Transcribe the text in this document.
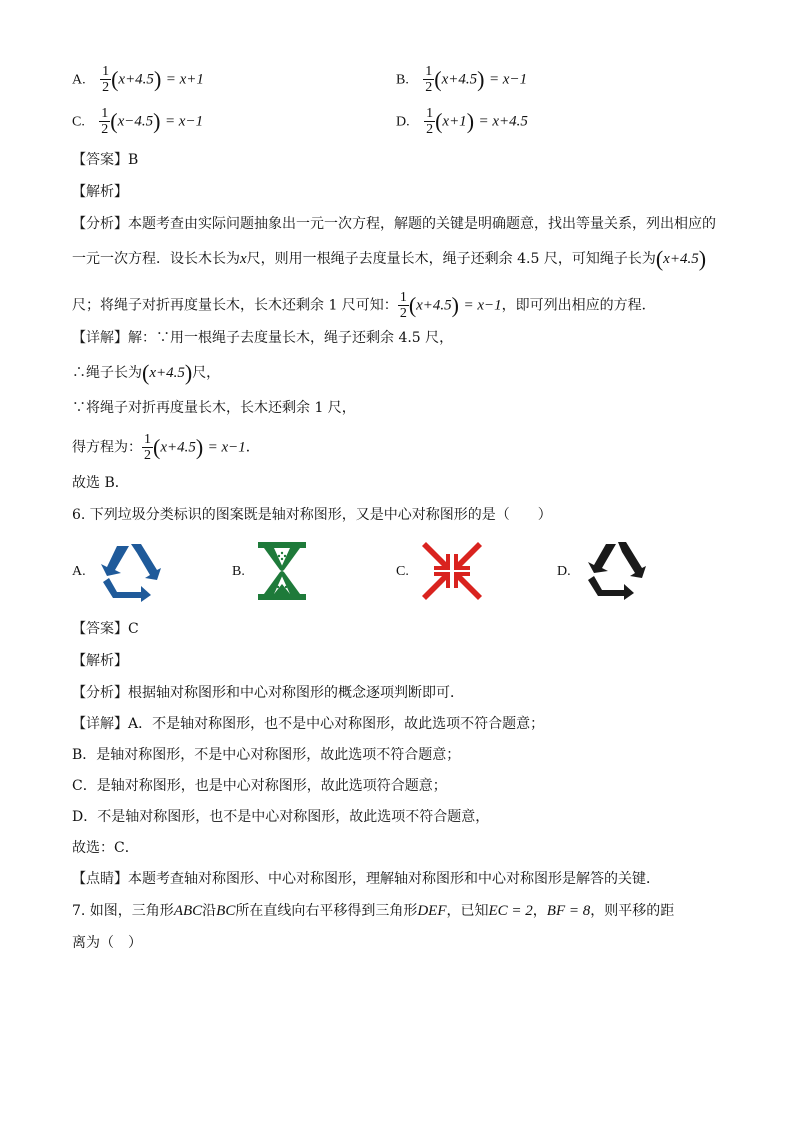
A. $\frac{1}{2} (x+4.5) = x+1$	B. $\frac{1}{2} (x+4.5) = x-1$
C. $\frac{1}{2} (x-4.5) = x-1$	D. $\frac{1}{2} (x+1) = x+4.5$
【答案】B
【解析】
【分析】本题考查由实际问题抽象出一元一次方程，解题的关键是明确题意，找出等量关系，列出相应的
一元一次方程．设长木长为x尺，则用一根绳子去度量长木，绳子还剩余 4.5 尺，可知绳子长为(x+4.5)
尺；将绳子对折再度量长木，长木还剩余 1 尺可知： $\frac{1}{2} (x+4.5) = x-1$，即可列出相应的方程．
【详解】解：∵用一根绳子去度量长木，绳子还剩余 4.5 尺，
∴绳子长为(x+4.5)尺，
∵将绳子对折再度量长木，长木还剩余 1 尺，
得方程为： $\frac{1}{2} (x+4.5) = x-1$．
故选 B．
6. 下列垃圾分类标识的图案既是轴对称图形，又是中心对称图形的是（　　）
A.	B.	C.	D.
【答案】C
【解析】
【分析】根据轴对称图形和中心对称图形的概念逐项判断即可．
【详解】A．不是轴对称图形，也不是中心对称图形，故此选项不符合题意；
B．是轴对称图形，不是中心对称图形，故此选项不符合题意；
C．是轴对称图形，也是中心对称图形，故此选项符合题意；
D．不是轴对称图形，也不是中心对称图形，故此选项不符合题意，
故选：C．
【点睛】本题考查轴对称图形、中心对称图形，理解轴对称图形和中心对称图形是解答的关键．
7. 如图，三角形ABC沿BC所在直线向右平移得到三角形DEF，已知EC = 2，BF = 8，则平移的距
离为（　）
